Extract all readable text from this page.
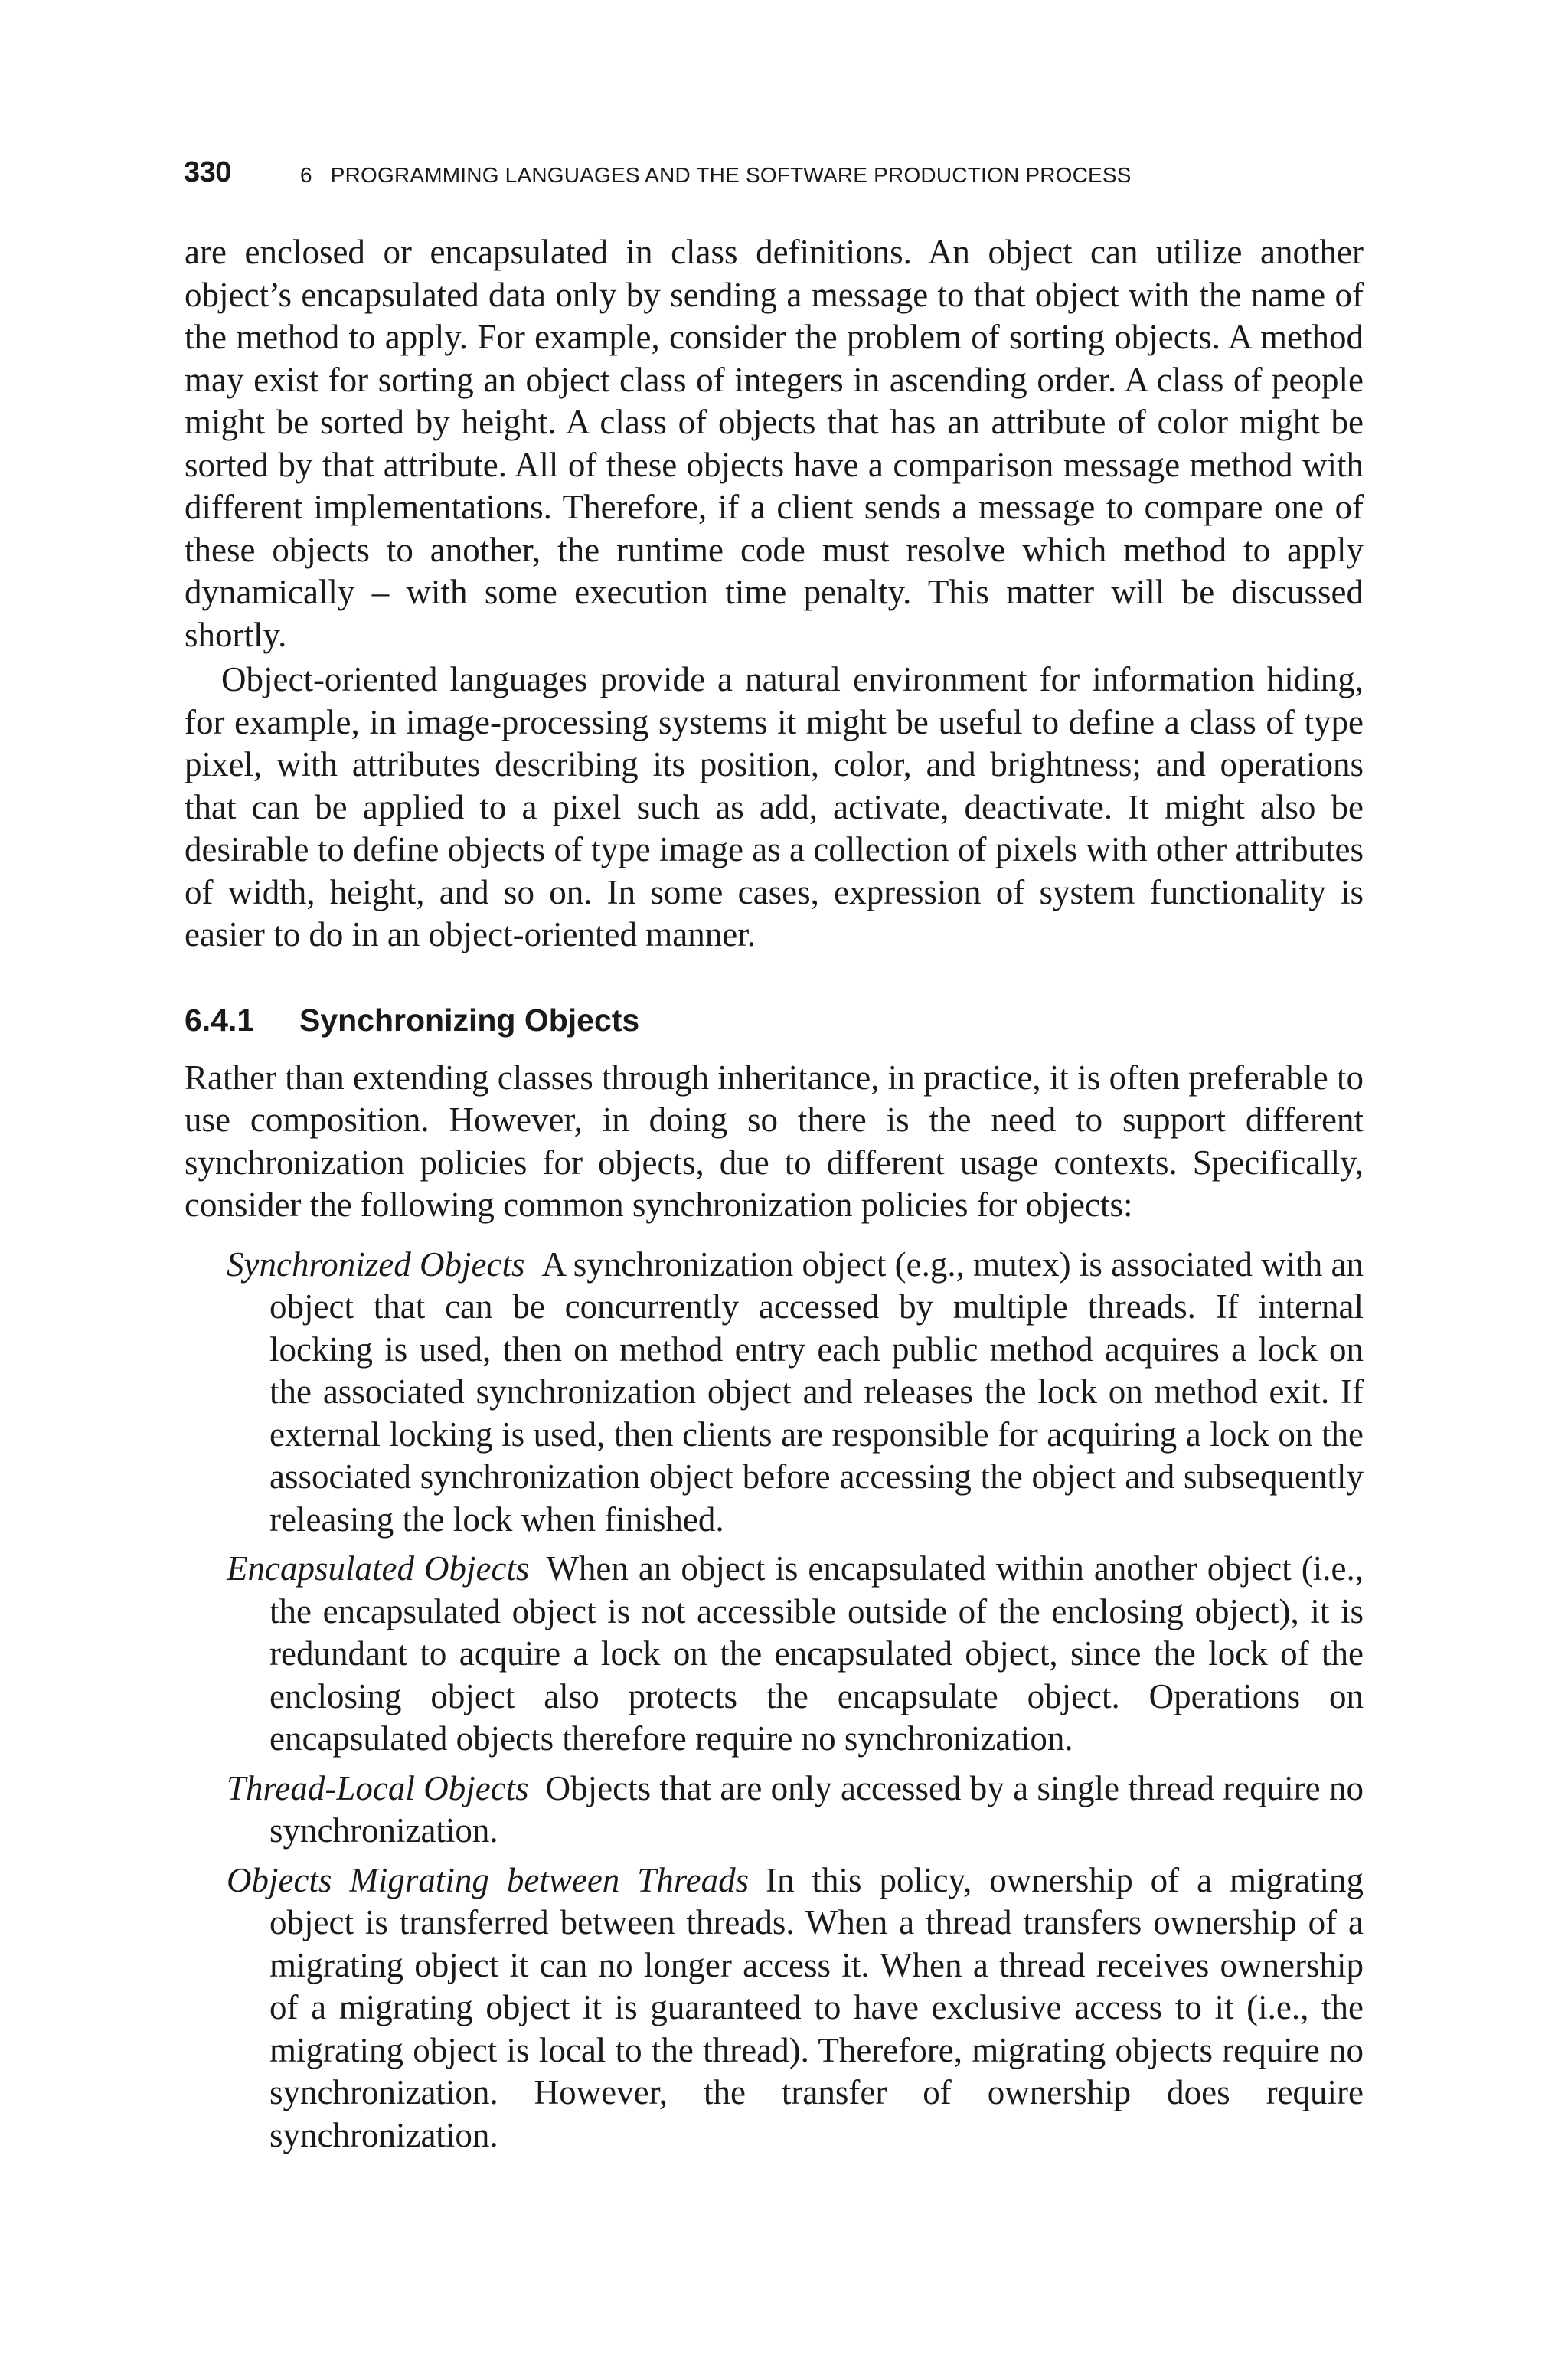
330	6   PROGRAMMING LANGUAGES AND THE SOFTWARE PRODUCTION PROCESS

are enclosed or encapsulated in class definitions. An object can utilize another object’s encapsulated data only by sending a message to that object with the name of the method to apply. For example, consider the problem of sorting objects. A method may exist for sorting an object class of integers in ascending order. A class of people might be sorted by height. A class of objects that has an attribute of color might be sorted by that attribute. All of these objects have a comparison message method with different implementations. Therefore, if a client sends a message to compare one of these objects to another, the runtime code must resolve which method to apply dynamically – with some execution time penalty. This matter will be discussed shortly.

Object-oriented languages provide a natural environment for information hiding, for example, in image-processing systems it might be useful to define a class of type pixel, with attributes describing its position, color, and brightness; and operations that can be applied to a pixel such as add, activate, deactivate. It might also be desirable to define objects of type image as a collection of pixels with other attributes of width, height, and so on. In some cases, expression of system functionality is easier to do in an object-oriented manner.

6.4.1 Synchronizing Objects

Rather than extending classes through inheritance, in practice, it is often preferable to use composition. However, in doing so there is the need to support different synchronization policies for objects, due to different usage contexts. Specifically, consider the following common synchronization policies for objects:

Synchronized Objects A synchronization object (e.g., mutex) is associated with an object that can be concurrently accessed by multiple threads. If internal locking is used, then on method entry each public method acquires a lock on the associated synchronization object and releases the lock on method exit. If external locking is used, then clients are responsible for acquiring a lock on the associated synchronization object before accessing the object and subsequently releasing the lock when finished.
Encapsulated Objects When an object is encapsulated within another object (i.e., the encapsulated object is not accessible outside of the enclosing object), it is redundant to acquire a lock on the encapsulated object, since the lock of the enclosing object also protects the encapsulate object. Operations on encapsulated objects therefore require no synchronization.
Thread-Local Objects Objects that are only accessed by a single thread require no synchronization.
Objects Migrating between Threads In this policy, ownership of a migrating object is transferred between threads. When a thread transfers ownership of a migrating object it can no longer access it. When a thread receives ownership of a migrating object it is guaranteed to have exclusive access to it (i.e., the migrating object is local to the thread). Therefore, migrating objects require no synchronization. However, the transfer of ownership does require synchronization.
